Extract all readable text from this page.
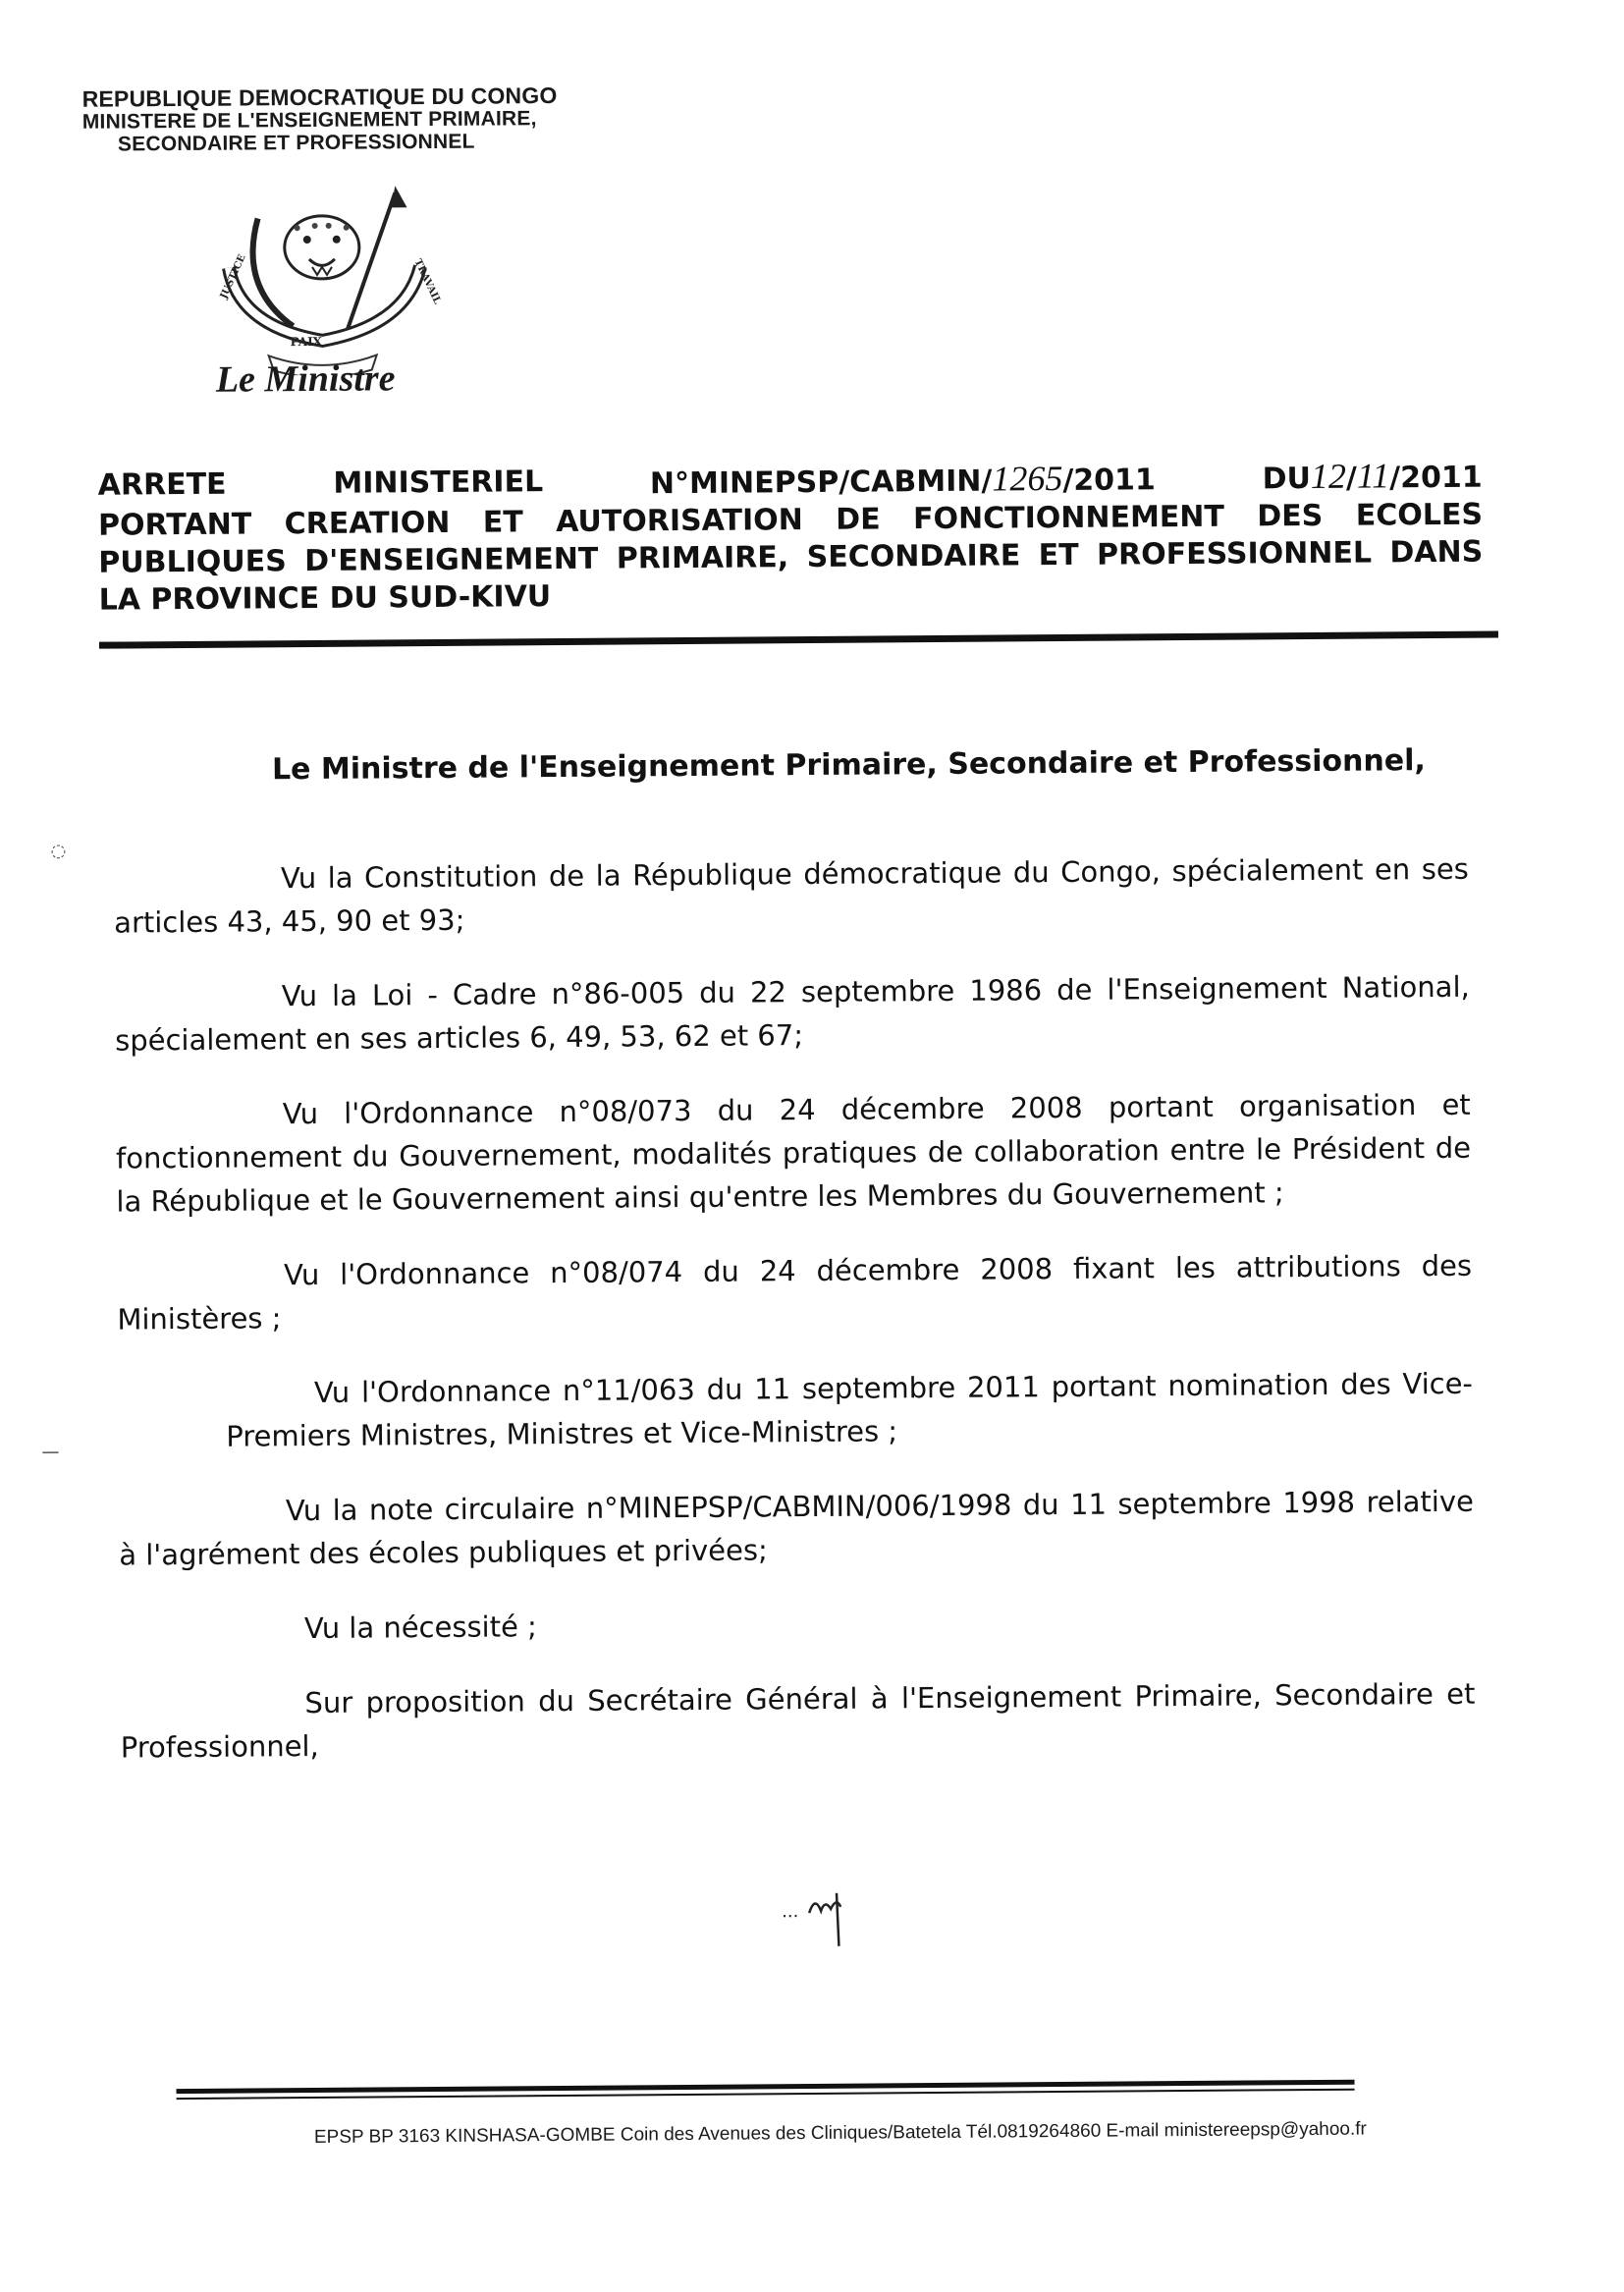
REPUBLIQUE DEMOCRATIQUE DU CONGO
MINISTERE DE L'ENSEIGNEMENT PRIMAIRE,
SECONDAIRE ET PROFESSIONNEL
PAIX
JUSTICE	TRAVAIL
Le Ministre
ARRETE	MINISTERIEL	N°MINEPSP/CABMIN/1265/2011	DU12/11/2011
PORTANT CREATION ET AUTORISATION DE FONCTIONNEMENT DES ECOLES
PUBLIQUES D'ENSEIGNEMENT PRIMAIRE, SECONDAIRE ET PROFESSIONNEL DANS
LA PROVINCE DU SUD-KIVU
Le Ministre de l'Enseignement Primaire, Secondaire et Professionnel,

Vu la Constitution de la République démocratique du Congo, spécialement en ses articles 43, 45, 90 et 93;

Vu la Loi - Cadre n°86-005 du 22 septembre 1986 de l'Enseignement National, spécialement en ses articles 6, 49, 53, 62 et 67;

Vu l'Ordonnance n°08/073 du 24 décembre 2008 portant organisation et fonctionnement du Gouvernement, modalités pratiques de collaboration entre le Président de la République et le Gouvernement ainsi qu'entre les Membres du Gouvernement ;

Vu l'Ordonnance n°08/074 du 24 décembre 2008 fixant les attributions des Ministères ;

Vu l'Ordonnance n°11/063 du 11 septembre 2011 portant nomination des Vice-Premiers Ministres, Ministres et Vice-Ministres ;

Vu la note circulaire n°MINEPSP/CABMIN/006/1998 du 11 septembre 1998 relative à l'agrément des écoles publiques et privées;

Vu la nécessité ;

Sur proposition du Secrétaire Général à l'Enseignement Primaire, Secondaire et Professionnel,

...
EPSP BP 3163 KINSHASA-GOMBE Coin des Avenues des Cliniques/Batetela Tél.0819264860 E-mail ministereepsp@yahoo.fr
◌
—
